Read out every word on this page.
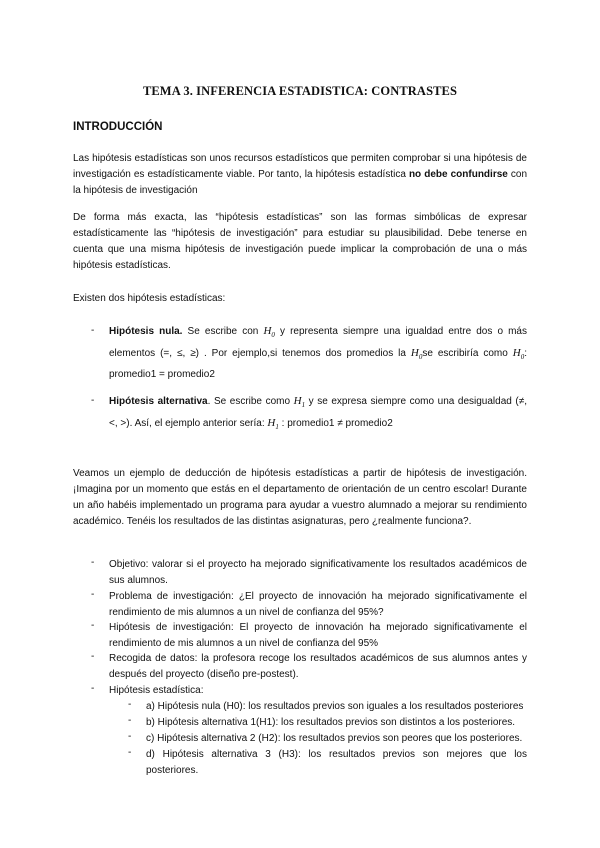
TEMA 3. INFERENCIA ESTADISTICA: CONTRASTES
INTRODUCCIÓN

Las hipótesis estadísticas son unos recursos estadísticos que permiten comprobar si una hipótesis de investigación es estadísticamente viable. Por tanto, la hipótesis estadística no debe confundirse con la hipótesis de investigación

De forma más exacta, las “hipótesis estadísticas” son las formas simbólicas de expresar estadísticamente las “hipótesis de investigación” para estudiar su plausibilidad. Debe tenerse en cuenta que una misma hipótesis de investigación puede implicar la comprobación de una o más hipótesis estadísticas.

Existen dos hipótesis estadísticas:

- Hipótesis nula. Se escribe con $H_0$ y representa siempre una igualdad entre dos o más elementos (=, ≤, ≥) . Por ejemplo,si tenemos dos promedios la $H_0se$ escribiría como $H_0$: promedio1 = promedio2
- Hipótesis alternativa. Se escribe como $H_1$ y se expresa siempre como una desigualdad (≠, <, >). Así, el ejemplo anterior sería: $H_1$ : promedio1 ≠ promedio2

Veamos un ejemplo de deducción de hipótesis estadísticas a partir de hipótesis de investigación. ¡Imagina por un momento que estás en el departamento de orientación de un centro escolar! Durante un año habéis implementado un programa para ayudar a vuestro alumnado a mejorar su rendimiento académico. Tenéis los resultados de las distintas asignaturas, pero ¿realmente funciona?.

- Objetivo: valorar si el proyecto ha mejorado significativamente los resultados académicos de sus alumnos.
- Problema de investigación: ¿El proyecto de innovación ha mejorado significativamente el rendimiento de mis alumnos a un nivel de confianza del 95%?
- Hipótesis de investigación: El proyecto de innovación ha mejorado significativamente el rendimiento de mis alumnos a un nivel de confianza del 95%
- Recogida de datos: la profesora recoge los resultados académicos de sus alumnos antes y después del proyecto (diseño pre-postest).
- Hipótesis estadística:
- a) Hipótesis nula (H0): los resultados previos son iguales a los resultados posteriores
- b) Hipótesis alternativa 1(H1): los resultados previos son distintos a los posteriores.
- c) Hipótesis alternativa 2 (H2): los resultados previos son peores que los posteriores.
- d) Hipótesis alternativa 3 (H3): los resultados previos son mejores que los posteriores.
